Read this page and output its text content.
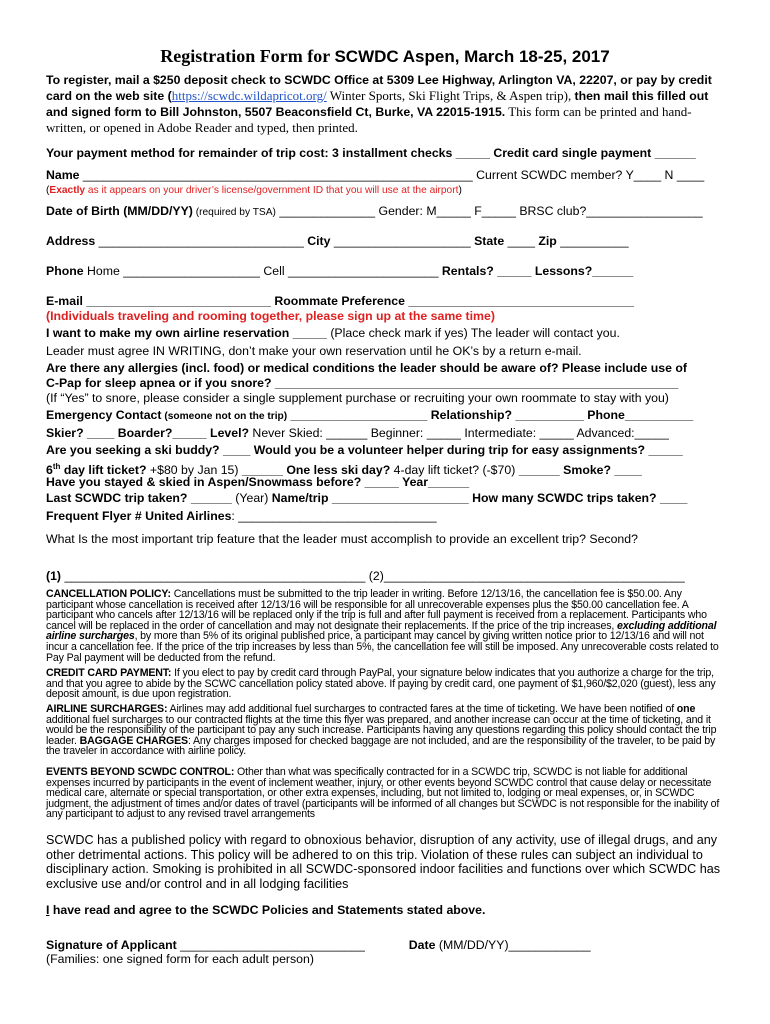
Registration Form for SCWDC Aspen, March 18-25, 2017
To register, mail a $250 deposit check to SCWDC Office at 5309 Lee Highway, Arlington VA, 22207, or pay by credit card on the web site (https://scwdc.wildapricot.org/ Winter Sports, Ski Flight Trips, & Aspen trip), then mail this filled out and signed form to Bill Johnston, 5507 Beaconsfield Ct, Burke, VA 22015-1915. This form can be printed and hand-written, or opened in Adobe Reader and typed, then printed.
Your payment method for remainder of trip cost: 3 installment checks _____ Credit card single payment ______
Name _________________________________________________________ Current SCWDC member? Y____ N ____
(Exactly as it appears on your driver’s license/government ID that you will use at the airport)
Date of Birth (MM/DD/YY) (required by TSA) ______________ Gender: M_____ F_____ BRSC club?_________________
Address ______________________________ City ____________________ State ____ Zip __________
Phone Home ____________________ Cell ______________________ Rentals? _____ Lessons?______
E-mail ___________________________ Roommate Preference _________________________________
(Individuals traveling and rooming together, please sign up at the same time)
I want to make my own airline reservation _____ (Place check mark if yes) The leader will contact you.
Leader must agree IN WRITING, don’t make your own reservation until he OK’s by a return e-mail.
Are there any allergies (incl. food) or medical conditions the leader should be aware of? Please include use of
C-Pap for sleep apnea or if you snore? ___________________________________________________________
(If “Yes” to snore, please consider a single supplement purchase or recruiting your own roommate to stay with you)
Emergency Contact (someone not on the trip) ____________________ Relationship? __________ Phone__________
Skier? ____ Boarder?_____ Level? Never Skied: ______ Beginner: _____ Intermediate: _____ Advanced:_____
Are you seeking a ski buddy? ____ Would you be a volunteer helper during trip for easy assignments? _____
6th day lift ticket? +$80 by Jan 15) ______ One less ski day? 4-day lift ticket? (-$70) ______ Smoke? ____
Have you stayed & skied in Aspen/Snowmass before? _____ Year______
Last SCWDC trip taken? ______ (Year) Name/trip ____________________ How many SCWDC trips taken? ____
Frequent Flyer # United Airlines: _____________________________
What Is the most important trip feature that the leader must accomplish to provide an excellent trip? Second?
(1) ____________________________________________ (2)____________________________________________
CANCELLATION POLICY: Cancellations must be submitted to the trip leader in writing. Before 12/13/16, the cancellation fee is $50.00. Any participant whose cancellation is received after 12/13/16 will be responsible for all unrecoverable expenses plus the $50.00 cancellation fee. A participant who cancels after 12/13/16 will be replaced only if the trip is full and after full payment is received from a replacement. Participants who cancel will be replaced in the order of cancellation and may not designate their replacements. If the price of the trip increases, excluding additional airline surcharges, by more than 5% of its original published price, a participant may cancel by giving written notice prior to 12/13/16 and will not incur a cancellation fee. If the price of the trip increases by less than 5%, the cancellation fee will still be imposed. Any unrecoverable costs related to Pay Pal payment will be deducted from the refund.
CREDIT CARD PAYMENT: If you elect to pay by credit card through PayPal, your signature below indicates that you authorize a charge for the trip, and that you agree to abide by the SCWC cancellation policy stated above. If paying by credit card, one payment of $1,960/$2,020 (guest), less any deposit amount, is due upon registration.
AIRLINE SURCHARGES: Airlines may add additional fuel surcharges to contracted fares at the time of ticketing. We have been notified of one additional fuel surcharges to our contracted flights at the time this flyer was prepared, and another increase can occur at the time of ticketing, and it would be the responsibility of the participant to pay any such increase. Participants having any questions regarding this policy should contact the trip leader. BAGGAGE CHARGES: Any charges imposed for checked baggage are not included, and are the responsibility of the traveler, to be paid by the traveler in accordance with airline policy.
EVENTS BEYOND SCWDC CONTROL: Other than what was specifically contracted for in a SCWDC trip, SCWDC is not liable for additional expenses incurred by participants in the event of inclement weather, injury, or other events beyond SCWDC control that cause delay or necessitate medical care, alternate or special transportation, or other extra expenses, including, but not limited to, lodging or meal expenses, or, in SCWDC judgment, the adjustment of times and/or dates of travel (participants will be informed of all changes but SCWDC is not responsible for the inability of any participant to adjust to any revised travel arrangements
SCWDC has a published policy with regard to obnoxious behavior, disruption of any activity, use of illegal drugs, and any other detrimental actions. This policy will be adhered to on this trip. Violation of these rules can subject an individual to disciplinary action. Smoking is prohibited in all SCWDC-sponsored indoor facilities and functions over which SCWDC has exclusive use and/or control and in all lodging facilities
I have read and agree to the SCWDC Policies and Statements stated above.
Signature of Applicant ___________________________	Date (MM/DD/YY)____________
(Families: one signed form for each adult person)
